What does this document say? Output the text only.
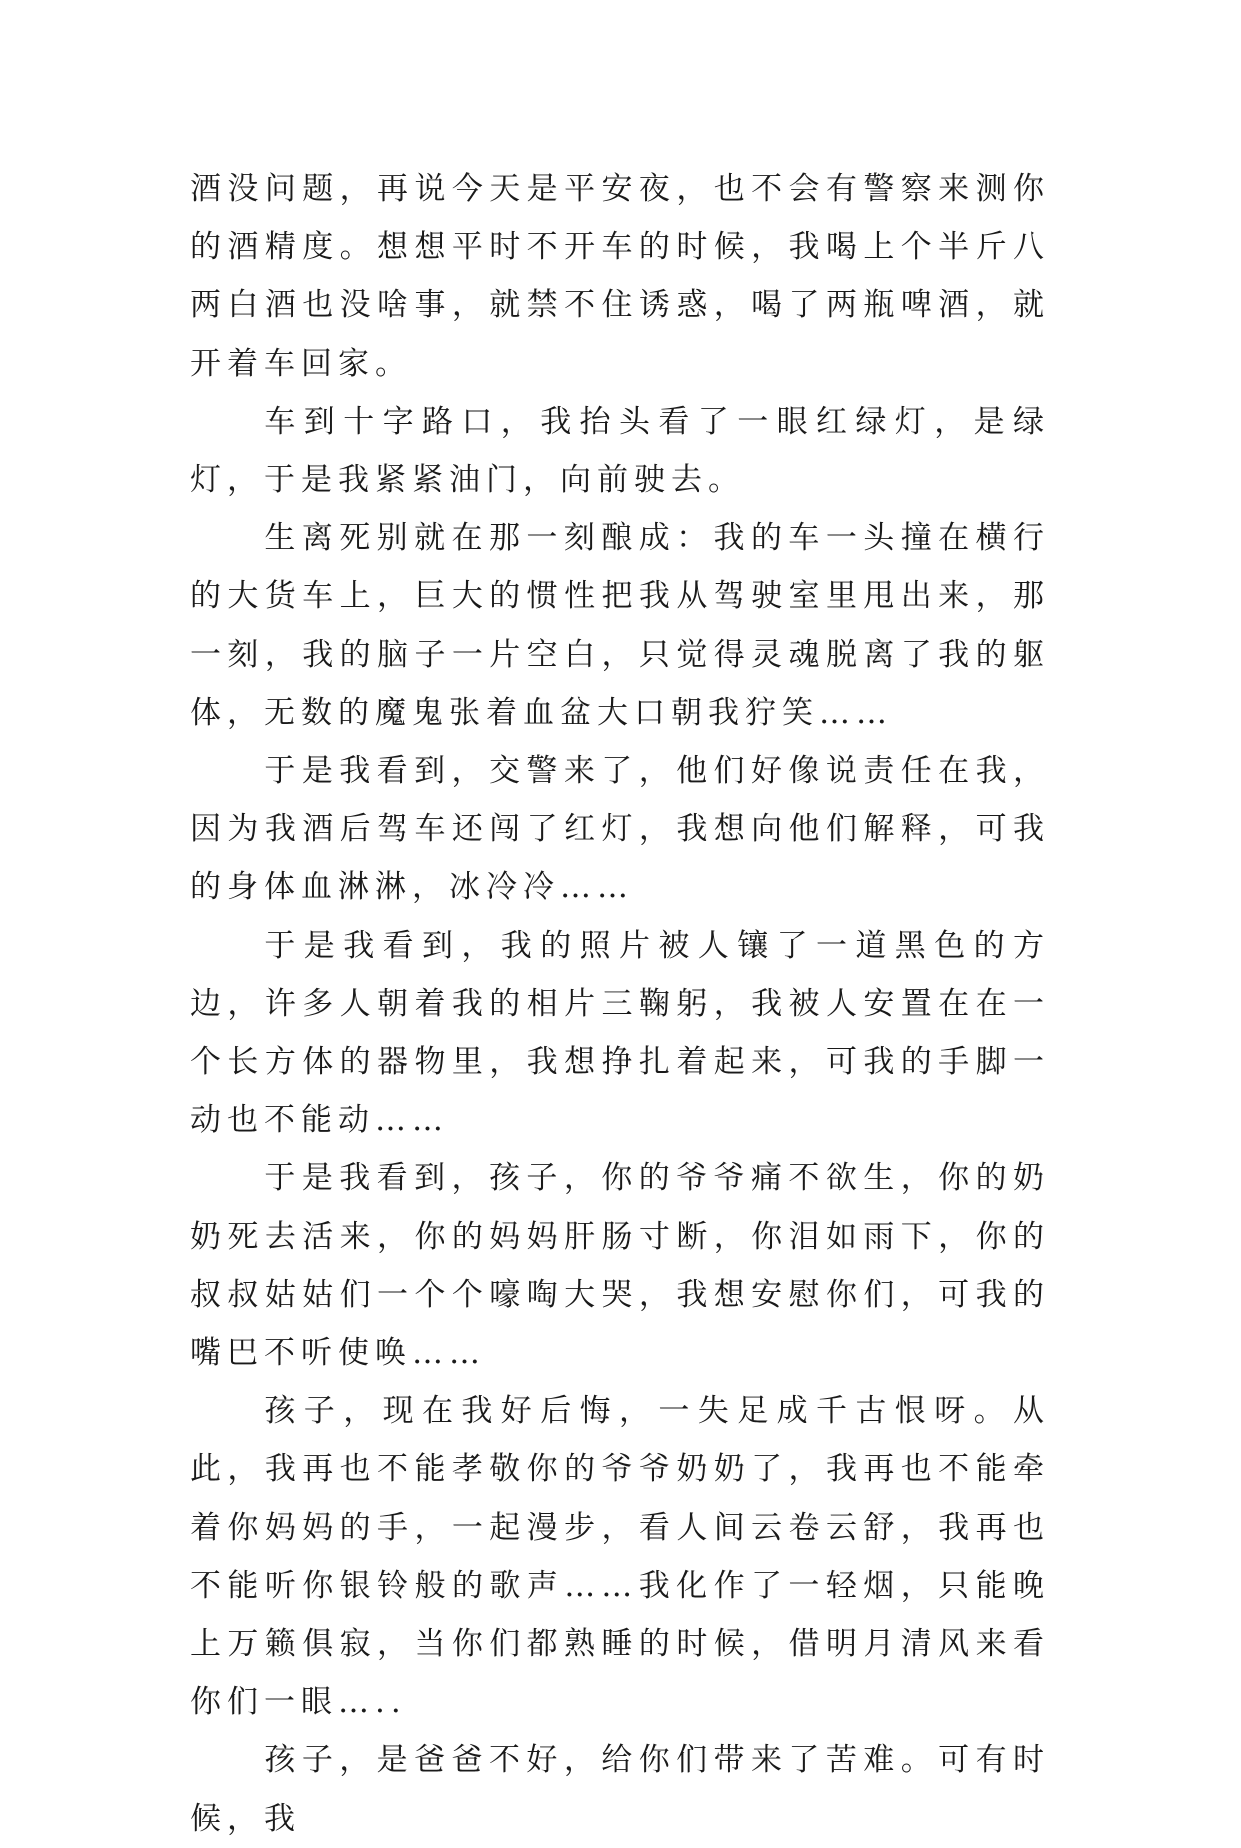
酒没问题，再说今天是平安夜，也不会有警察来测你的酒精度。想想平时不开车的时候，我喝上个半斤八两白酒也没啥事，就禁不住诱惑，喝了两瓶啤酒，就开着车回家。

车到十字路口，我抬头看了一眼红绿灯，是绿灯，于是我紧紧油门，向前驶去。

生离死别就在那一刻酿成：我的车一头撞在横行的大货车上，巨大的惯性把我从驾驶室里甩出来，那一刻，我的脑子一片空白，只觉得灵魂脱离了我的躯体，无数的魔鬼张着血盆大口朝我狞笑……

于是我看到，交警来了，他们好像说责任在我，因为我酒后驾车还闯了红灯，我想向他们解释，可我的身体血淋淋，冰冷冷……

于是我看到，我的照片被人镶了一道黑色的方边，许多人朝着我的相片三鞠躬，我被人安置在在一个长方体的器物里，我想挣扎着起来，可我的手脚一动也不能动……

于是我看到，孩子，你的爷爷痛不欲生，你的奶奶死去活来，你的妈妈肝肠寸断，你泪如雨下，你的叔叔姑姑们一个个嚎啕大哭，我想安慰你们，可我的嘴巴不听使唤……

孩子，现在我好后悔，一失足成千古恨呀。从此，我再也不能孝敬你的爷爷奶奶了，我再也不能牵着你妈妈的手，一起漫步，看人间云卷云舒，我再也不能听你银铃般的歌声……我化作了一轻烟，只能晚上万籁俱寂，当你们都熟睡的时候，借明月清风来看你们一眼…..

孩子，是爸爸不好，给你们带来了苦难。可有时候，我
